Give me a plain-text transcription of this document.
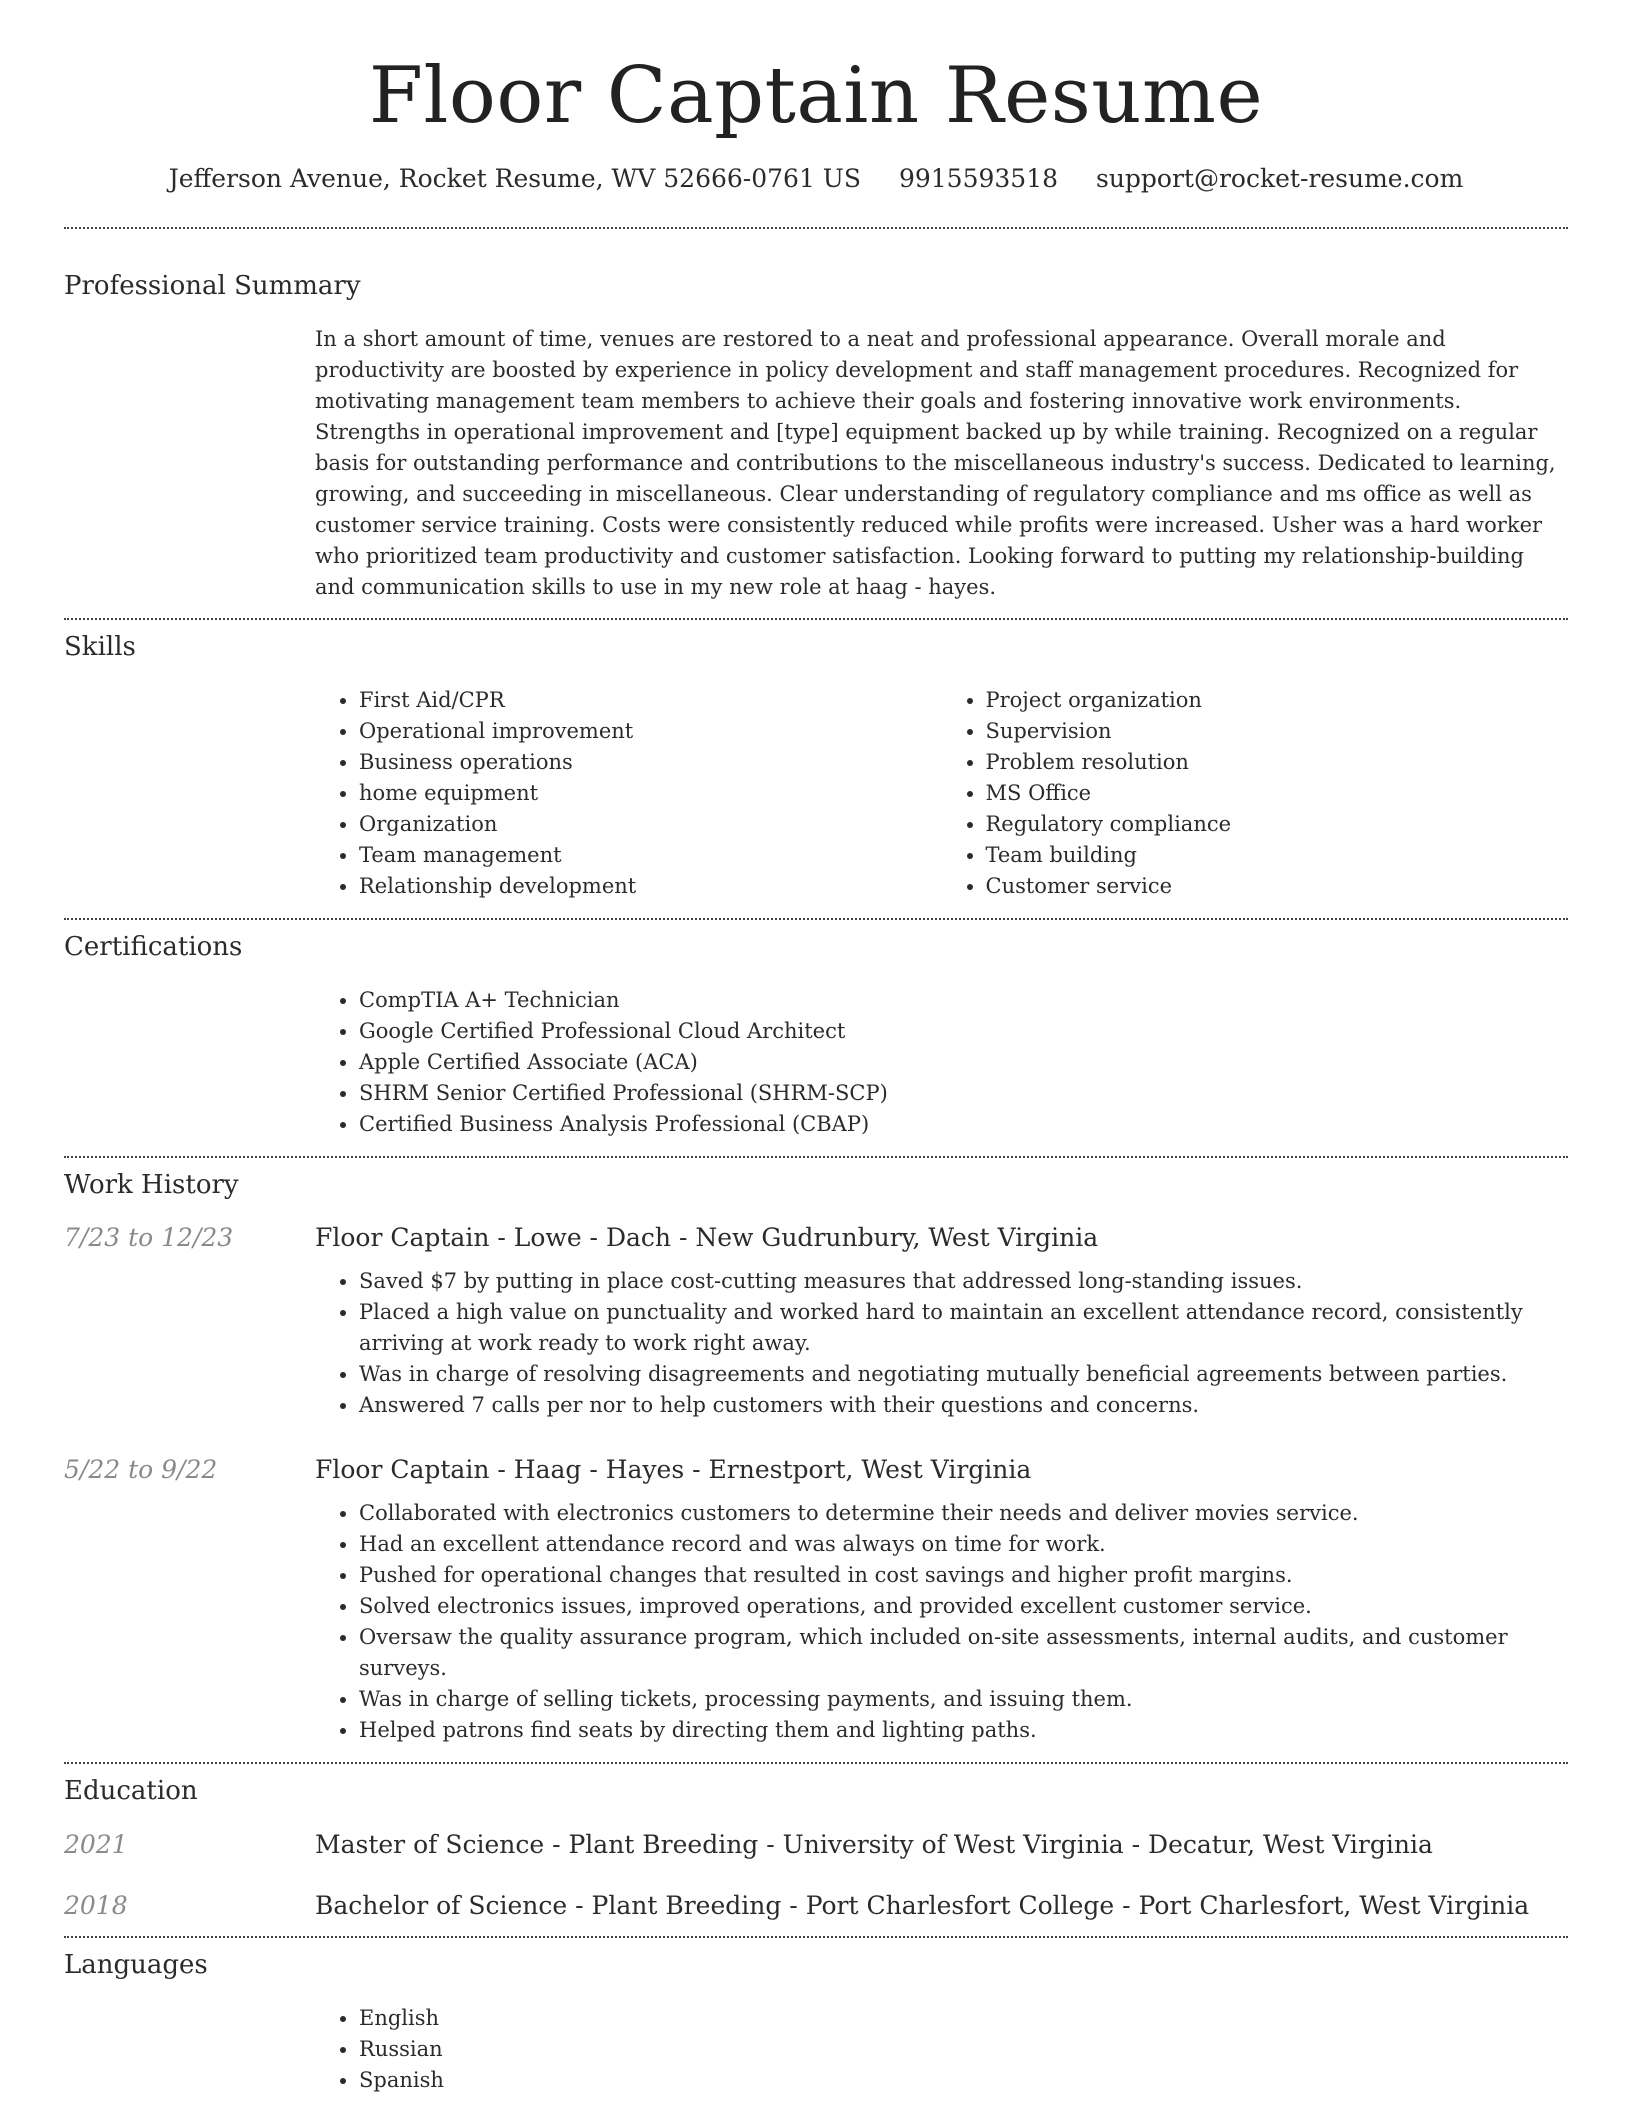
Floor Captain Resume
Jefferson Avenue, Rocket Resume, WV 52666-0761 US 9915593518 support@rocket-resume.com
Professional Summary

In a short amount of time, venues are restored to a neat and professional appearance. Overall morale and productivity are boosted by experience in policy development and staff management procedures. Recognized for motivating management team members to achieve their goals and fostering innovative work environments. Strengths in operational improvement and [type] equipment backed up by while training. Recognized on a regular basis for outstanding performance and contributions to the miscellaneous industry's success. Dedicated to learning, growing, and succeeding in miscellaneous. Clear understanding of regulatory compliance and ms office as well as customer service training. Costs were consistently reduced while profits were increased. Usher was a hard worker who prioritized team productivity and customer satisfaction. Looking forward to putting my relationship-building and communication skills to use in my new role at haag - hayes.

Skills
• First Aid/CPR
• Operational improvement
• Business operations
• home equipment
• Organization
• Team management
• Relationship development
• Project organization
• Supervision
• Problem resolution
• MS Office
• Regulatory compliance
• Team building
• Customer service
Certifications
• CompTIA A+ Technician
• Google Certified Professional Cloud Architect
• Apple Certified Associate (ACA)
• SHRM Senior Certified Professional (SHRM-SCP)
• Certified Business Analysis Professional (CBAP)
Work History
7/23 to 12/23	Floor Captain - Lowe - Dach - New Gudrunbury, West Virginia
• Saved $7 by putting in place cost-cutting measures that addressed long-standing issues.
• Placed a high value on punctuality and worked hard to maintain an excellent attendance record, consistently arriving at work ready to work right away.
• Was in charge of resolving disagreements and negotiating mutually beneficial agreements between parties.
• Answered 7 calls per nor to help customers with their questions and concerns.
5/22 to 9/22	Floor Captain - Haag - Hayes - Ernestport, West Virginia
• Collaborated with electronics customers to determine their needs and deliver movies service.
• Had an excellent attendance record and was always on time for work.
• Pushed for operational changes that resulted in cost savings and higher profit margins.
• Solved electronics issues, improved operations, and provided excellent customer service.
• Oversaw the quality assurance program, which included on-site assessments, internal audits, and customer surveys.
• Was in charge of selling tickets, processing payments, and issuing them.
• Helped patrons find seats by directing them and lighting paths.
Education
2021	Master of Science - Plant Breeding - University of West Virginia - Decatur, West Virginia
2018	Bachelor of Science - Plant Breeding - Port Charlesfort College - Port Charlesfort, West Virginia
Languages
• English
• Russian
• Spanish
